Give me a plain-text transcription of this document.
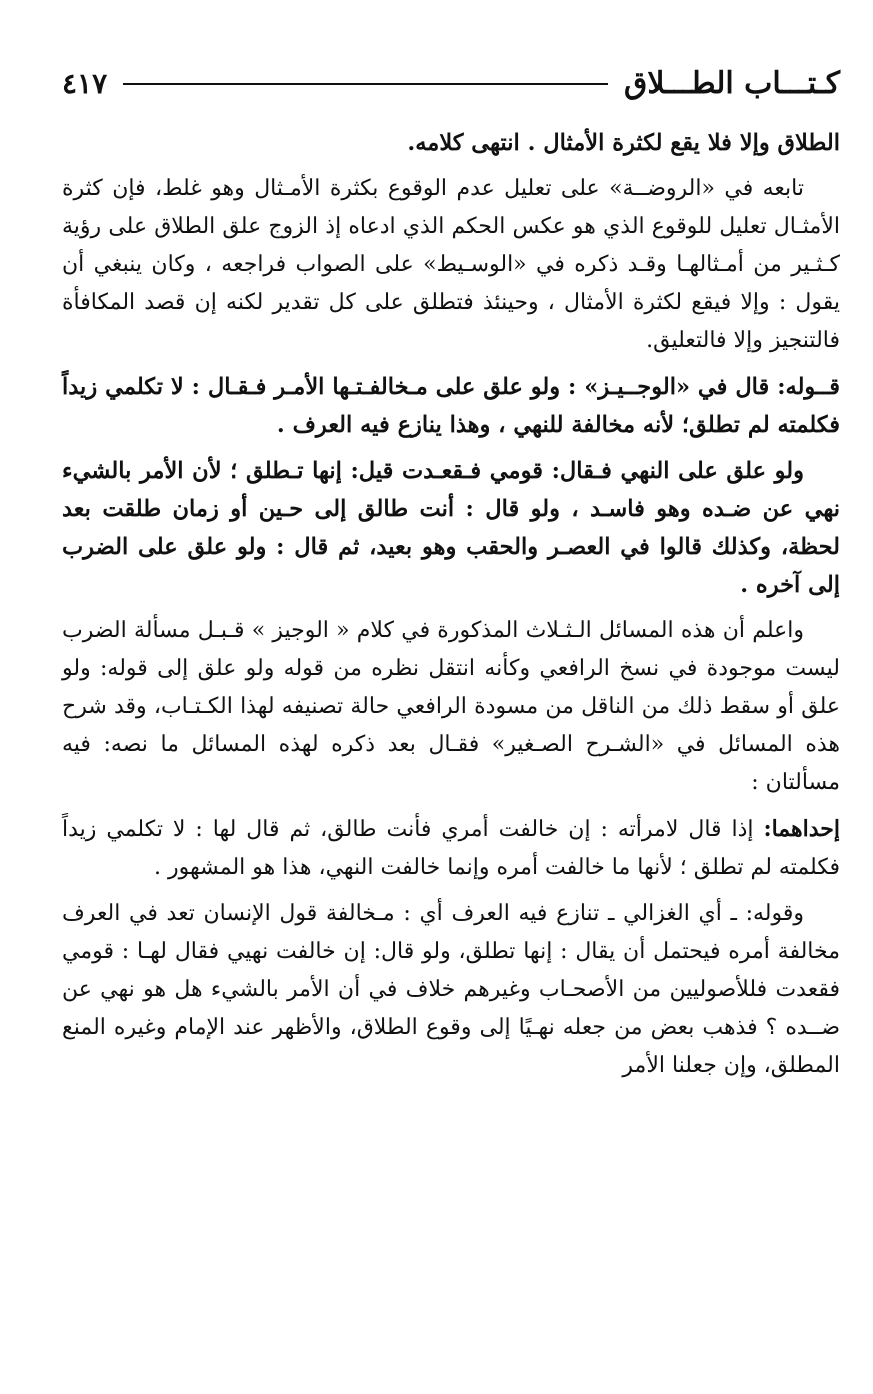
كـتـــاب الطـــلاق
٤١٧

الطلاق وإلا فلا يقع لكثرة الأمثال . انتهى كلامه.

تابعه في «الروضــة» على تعليل عدم الوقوع بكثرة الأمـثال وهو غلط، فإن كثرة الأمثـال تعليل للوقوع الذي هو عكس الحكم الذي ادعاه إذ الزوج علق الطلاق على رؤية كـثـير من أمـثالهـا وقـد ذكره في «الوسـيط» على الصواب فراجعه ، وكان ينبغي أن يقول : وإلا فيقع لكثرة الأمثال ، وحينئذ فتطلق على كل تقدير لكنه إن قصد المكافأة فالتنجيز وإلا فالتعليق.

قــوله: قال في «الوجــيـز» : ولو علق على مـخالفـتـها الأمـر فـقـال : لا تكلمي زيداً فكلمته لم تطلق؛ لأنه مخالفة للنهي ، وهذا ينازع فيه العرف .

ولو علق على النهي فـقال: قومي فـقعـدت قيل: إنها تـطلق ؛ لأن الأمر بالشيء نهي عن ضـده وهو فاسـد ، ولو قال : أنت طالق إلى حـين أو زمان طلقت بعد لحظة، وكذلك قالوا في العصـر والحقب وهو بعيد، ثم قال : ولو علق على الضرب إلى آخره .

واعلم أن هذه المسائل الـثـلاث المذكورة في كلام « الوجيز » قـبـل مسألة الضرب ليست موجودة في نسخ الرافعي وكأنه انتقل نظره من قوله ولو علق إلى قوله: ولو علق أو سقط ذلك من الناقل من مسودة الرافعي حالة تصنيفه لهذا الكـتـاب، وقد شرح هذه المسائل في «الشـرح الصـغير» فقـال بعد ذكره لهذه المسائل ما نصه: فيه مسألتان :

إحداهما: إذا قال لامرأته : إن خالفت أمري فأنت طالق، ثم قال لها : لا تكلمي زيداً فكلمته لم تطلق ؛ لأنها ما خالفت أمره وإنما خالفت النهي، هذا هو المشهور .

وقوله: ـ أي الغزالي ـ تنازع فيه العرف أي : مـخالفة قول الإنسان تعد في العرف مخالفة أمره فيحتمل أن يقال : إنها تطلق، ولو قال: إن خالفت نهيي فقال لهـا : قومي فقعدت فللأصوليين من الأصحـاب وغيرهم خلاف في أن الأمر بالشيء هل هو نهي عن ضــده ؟ فذهب بعض من جعله نهـيًا إلى وقوع الطلاق، والأظهر عند الإمام وغيره المنع المطلق، وإن جعلنا الأمر
